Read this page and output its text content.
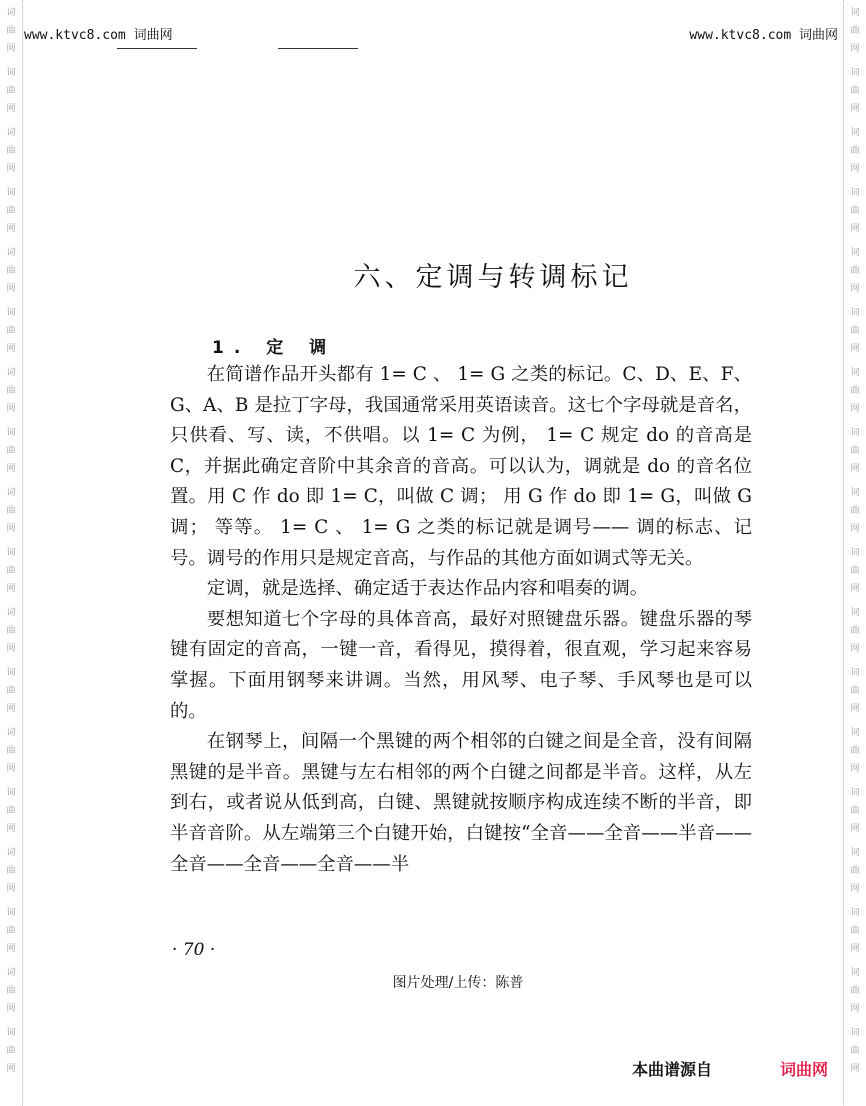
词
曲
网
词
曲
网
词
曲
网
词
曲
网
词
曲
网
词
曲
网
词
曲
网
词
曲
网
词
曲
网
词
曲
网
词
曲
网
词
曲
网
词
曲
网
词
曲
网
词
曲
网
词
曲
网
词
曲
网
词
曲
网
词
曲
网
词
曲
网
词
曲
网
词
曲
网
词
曲
网
词
曲
网
词
曲
网
词
曲
网
词
曲
网
词
曲
网
词
曲
网
词
曲
网
词
曲
网
词
曲
网
词
曲
网
词
曲
网
词
曲
网
词
曲
网
www.ktvc8.com 词曲网	www.ktvc8.com 词曲网
六、定调与转调标记
1. 定 调

在简谱作品开头都有 1= C 、 1= G 之类的标记。C、D、E、F、G、A、B 是拉丁字母，我国通常采用英语读音。这七个字母就是音名，只供看、写、读，不供唱。以 1= C 为例， 1= C 规定 do 的音高是 C，并据此确定音阶中其余音的音高。可以认为，调就是 do 的音名位置。用 C 作 do 即 1= C，叫做 C 调； 用 G 作 do 即 1= G，叫做 G 调； 等等。 1= C 、 1= G 之类的标记就是调号—— 调的标志、记号。调号的作用只是规定音高，与作品的其他方面如调式等无关。

定调，就是选择、确定适于表达作品内容和唱奏的调。

要想知道七个字母的具体音高，最好对照键盘乐器。键盘乐器的琴键有固定的音高，一键一音，看得见，摸得着，很直观，学习起来容易掌握。下面用钢琴来讲调。当然，用风琴、电子琴、手风琴也是可以的。

在钢琴上，间隔一个黑键的两个相邻的白键之间是全音，没有间隔黑键的是半音。黑键与左右相邻的两个白键之间都是半音。这样，从左到右，或者说从低到高，白键、黑键就按顺序构成连续不断的半音，即半音音阶。从左端第三个白键开始，白键按“全音——全音——半音——全音——全音——全音——半

· 70 ·
图片处理/上传：陈普
本曲谱源自	词曲网
